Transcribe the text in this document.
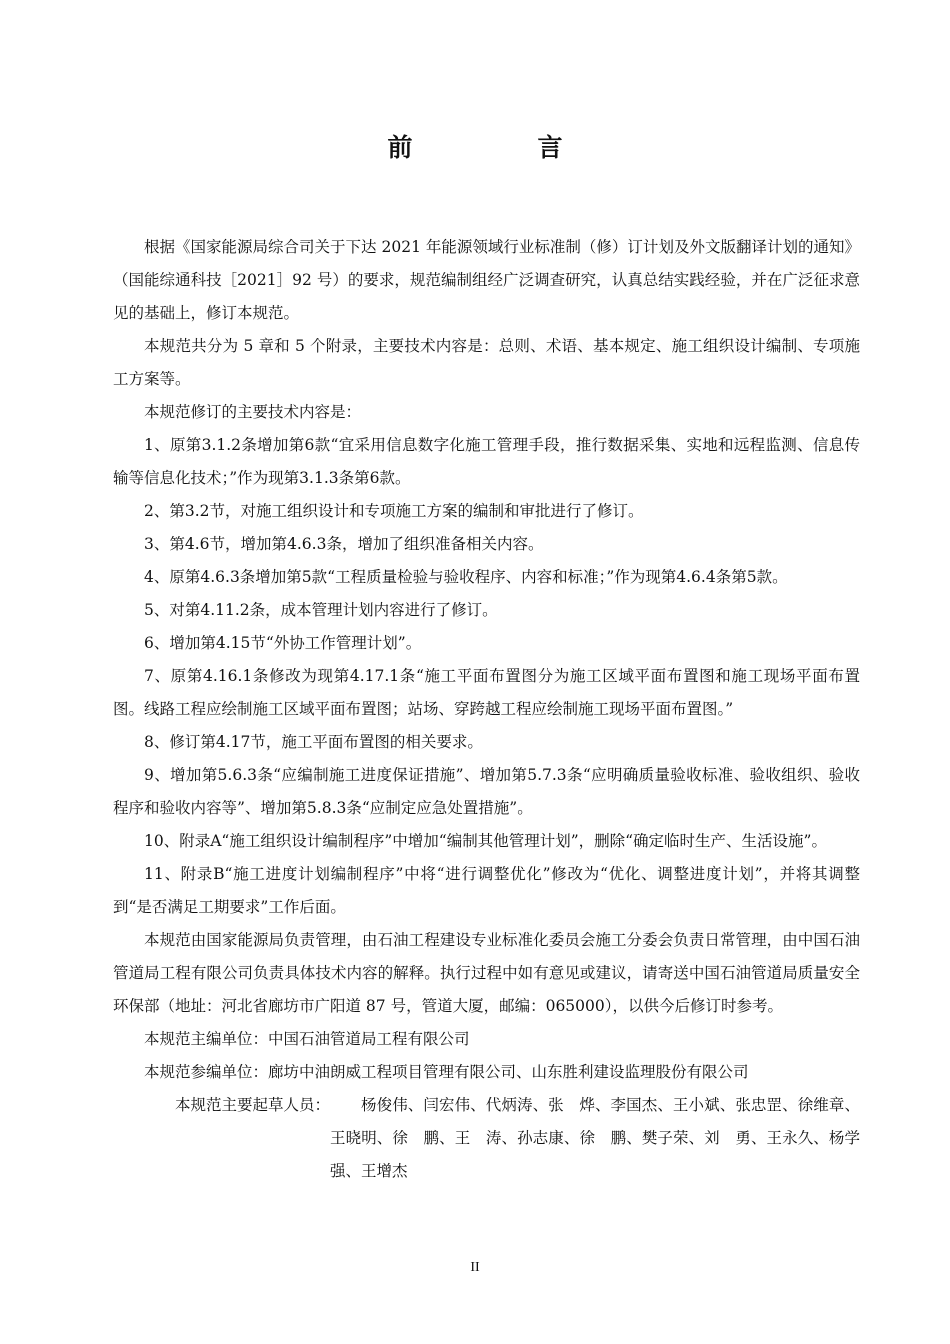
前　言

根据《国家能源局综合司关于下达 2021 年能源领域行业标准制（修）订计划及外文版翻译计划的通知》（国能综通科技［2021］92 号）的要求，规范编制组经广泛调查研究，认真总结实践经验，并在广泛征求意见的基础上，修订本规范。

本规范共分为 5 章和 5 个附录，主要技术内容是：总则、术语、基本规定、施工组织设计编制、专项施工方案等。

本规范修订的主要技术内容是：

1、原第3.1.2条增加第6款“宜采用信息数字化施工管理手段，推行数据采集、实地和远程监测、信息传输等信息化技术；”作为现第3.1.3条第6款。

2、第3.2节，对施工组织设计和专项施工方案的编制和审批进行了修订。

3、第4.6节，增加第4.6.3条，增加了组织准备相关内容。

4、原第4.6.3条增加第5款“工程质量检验与验收程序、内容和标准；”作为现第4.6.4条第5款。

5、对第4.11.2条，成本管理计划内容进行了修订。

6、增加第4.15节“外协工作管理计划”。

7、原第4.16.1条修改为现第4.17.1条“施工平面布置图分为施工区域平面布置图和施工现场平面布置图。线路工程应绘制施工区域平面布置图；站场、穿跨越工程应绘制施工现场平面布置图。”

8、修订第4.17节，施工平面布置图的相关要求。

9、增加第5.6.3条“应编制施工进度保证措施”、增加第5.7.3条“应明确质量验收标准、验收组织、验收程序和验收内容等”、增加第5.8.3条“应制定应急处置措施”。

10、附录A“施工组织设计编制程序”中增加“编制其他管理计划”，删除“确定临时生产、生活设施”。

11、附录B“施工进度计划编制程序”中将“进行调整优化”修改为“优化、调整进度计划”，并将其调整到“是否满足工期要求”工作后面。

本规范由国家能源局负责管理，由石油工程建设专业标准化委员会施工分委会负责日常管理，由中国石油管道局工程有限公司负责具体技术内容的解释。执行过程中如有意见或建议，请寄送中国石油管道局质量安全环保部（地址：河北省廊坊市广阳道 87 号，管道大厦，邮编：065000），以供今后修订时参考。

本规范主编单位：中国石油管道局工程有限公司

本规范参编单位：廊坊中油朗威工程项目管理有限公司、山东胜利建设监理股份有限公司

本规范主要起草人员：	杨俊伟、闫宏伟、代炳涛、张　烨、李国杰、王小斌、张忠罡、徐维章、王晓明、徐　鹏、王　涛、孙志康、徐　鹏、樊子荣、刘　勇、王永久、杨学强、王增杰

II
